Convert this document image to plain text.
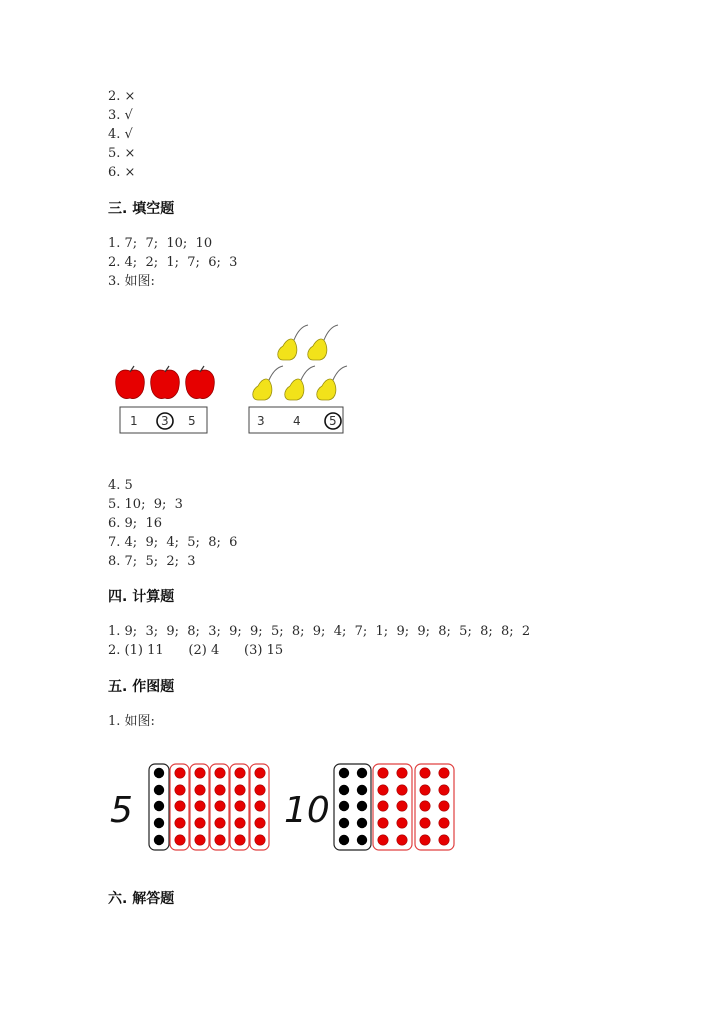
2. ×
3. √
4. √
5. ×
6. ×
三. 填空题
1. 7;  7;  10;  10
2. 4;  2;  1;  7;  6;  3
3. 如图:
1 3 5	3 4 5
4. 5
5. 10;  9;  3
6. 9;  16
7. 4;  9;  4;  5;  8;  6
8. 7;  5;  2;  3
四. 计算题
1. 9;  3;  9;  8;  3;  9;  9;  5;  8;  9;  4;  7;  1;  9;  9;  8;  5;  8;  8;  2
2. (1) 11      (2) 4      (3) 15
五. 作图题
1. 如图:
5	10
六. 解答题
